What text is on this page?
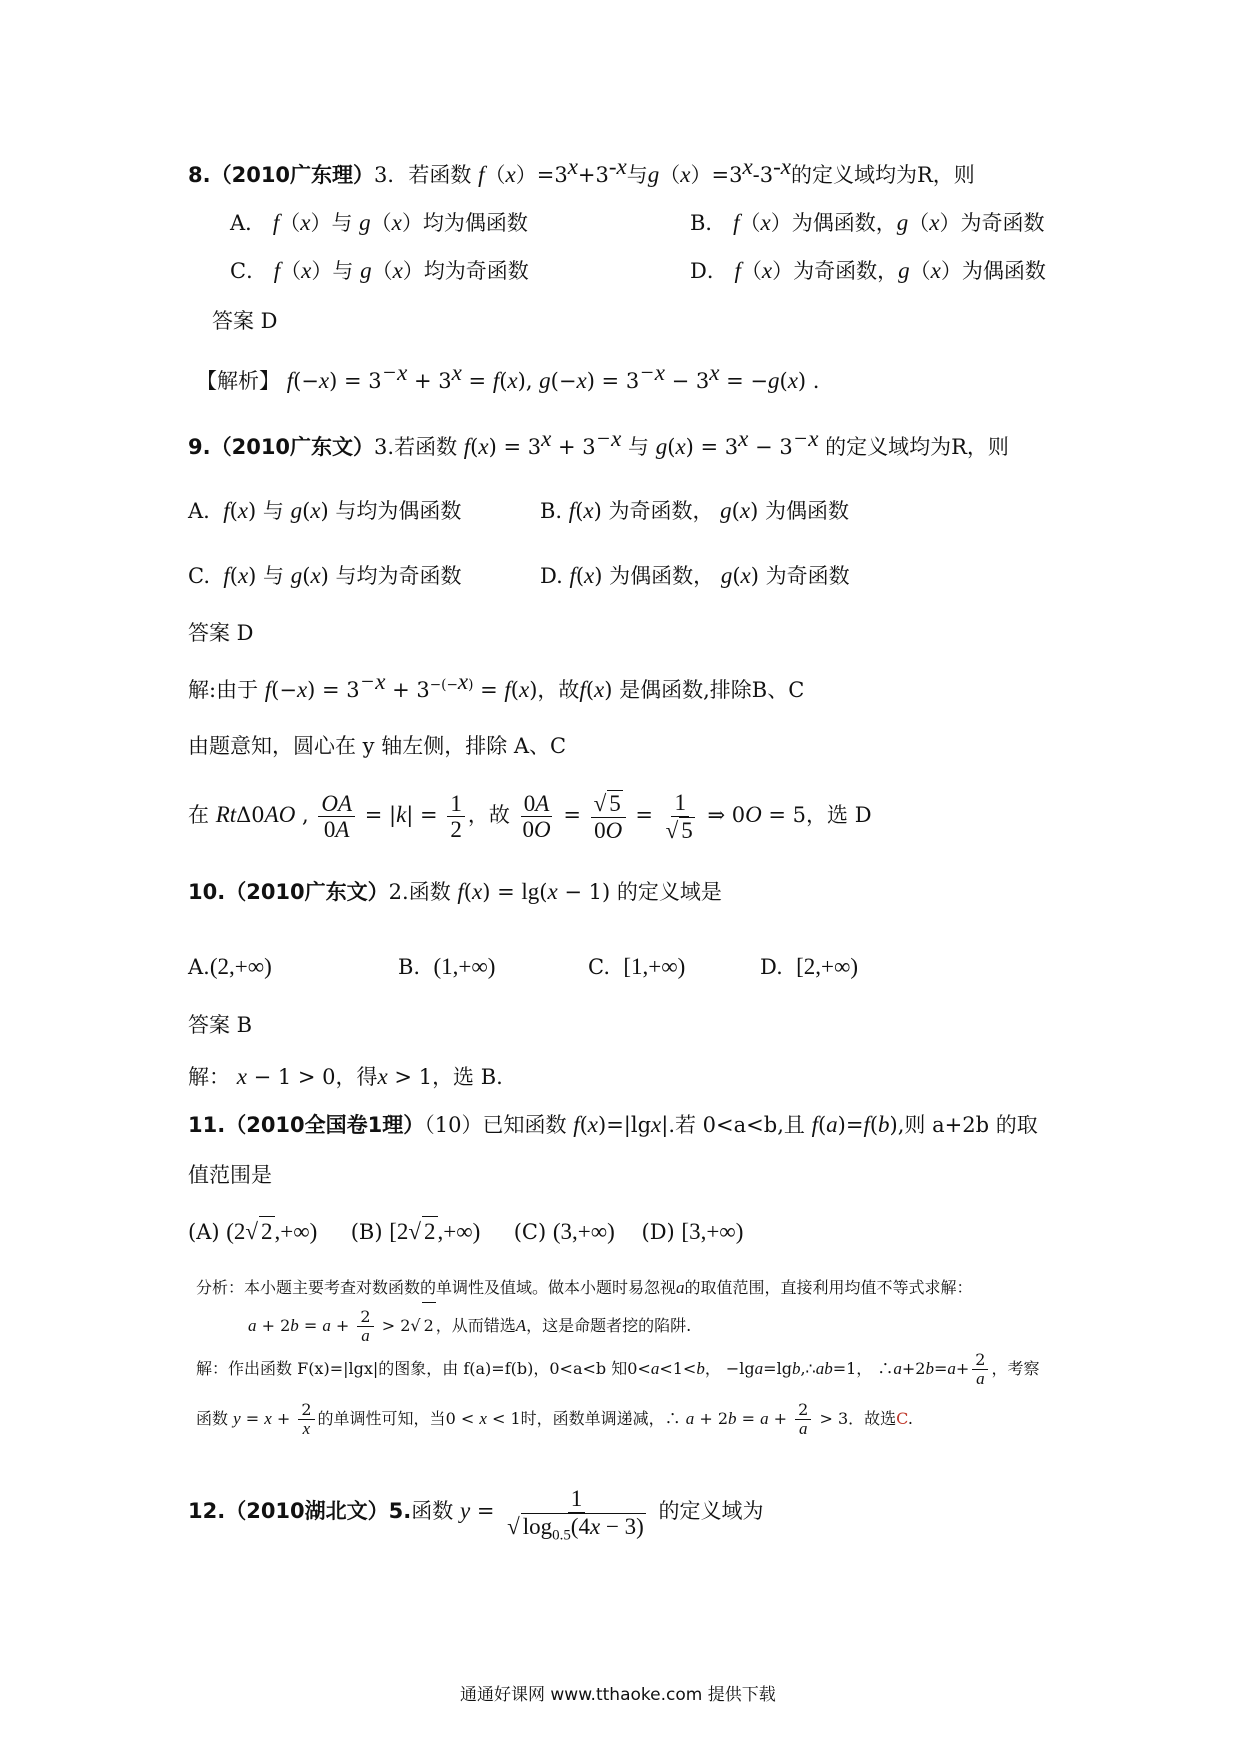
8.（2010广东理）3．若函数 $f(x)=3^x+3^{-x}$与$g(x)=3^x-3^{-x}$的定义域均为R，则
A． f（x）与 g（x）均为偶函数	B． f（x）为偶函数，g（x）为奇函数
C． f（x）与 g（x）均为奇函数	D． f（x）为奇函数，g（x）为偶函数
答案 D
【解析】 $f(-x) = 3^{-x} + 3^x = f(x)$, $g(-x) = 3^{-x} - 3^x = -g(x)$ .
9.（2010广东文）3.若函数 $f(x) = 3^x + 3^{-x}$ 与 $g(x) = 3^x - 3^{-x}$ 的定义域均为R，则
A. f(x) 与 g(x) 与均为偶函数	B. f(x) 为奇函数， g(x) 为偶函数
C. f(x) 与 g(x) 与均为奇函数	D. f(x) 为偶函数， g(x) 为奇函数
答案 D
解:由于 $f(-x) = 3^{-x} + 3^{-(-x)} = f(x)$，故f(x) 是偶函数,排除B、C
由题意知，圆心在 y 轴左侧，排除 A、C
在 RtΔ0AO , $\frac{OA}{0A} = |k| = \frac{1}{2}$ ，故 $\frac{0A}{0O} = \frac{√ 5}{0O} = \frac{1}{√ 5}$ ⇒ 0O = 5，选 D
10.（2010广东文）2.函数 f(x) = lg(x − 1) 的定义域是
A.(2,+∞)	B. (1,+∞)	C. [1,+∞)	D. [2,+∞)
答案 B
解： x − 1 > 0，得x > 1，选 B.
11.（2010全国卷1理）（10）已知函数 f(x)=|lgx|.若 0<a<b,且 f(a)=f(b),则 a+2b 的取
值范围是
(A) (2√ 2,+∞) (B) [2√ 2,+∞) (C) (3,+∞) (D) [3,+∞)
分析：本小题主要考查对数函数的单调性及值域。做本小题时易忽视a的取值范围，直接利用均值不等式求解：
$a + 2b = a + \frac{2}{a} > 2√$ 2 ，从而错选A，这是命题者挖的陷阱.
解：作出函数 F(x)=|lgx|的图象，由 f(a)=f(b)，0<a<b 知0<a<1<b， −lga=lgb,∴ab=1， ∴a+2b=a+ $\frac{2}{a}$ ，考察
函数 $y = x + \frac{2}{x}$ 的单调性可知，当0 < x < 1时，函数单调递减，∴ $a + 2b = a + \frac{2}{a} > 3$．故选C.
12.（2010湖北文）5.函数 $y = \frac{1}{√ \log_{0.5}(4x - 3)}$ 的定义域为
通通好课网 www.tthaoke.com 提供下载
